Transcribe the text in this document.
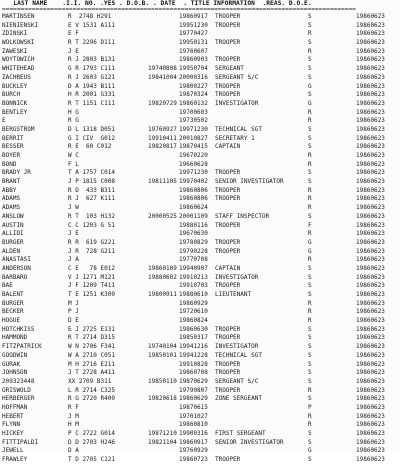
LAST NAME    .I.I. NO. .YES . D.O.B. . DATE  . TITLE INFORMATION  .REAS. D.O.E.
===============================================================================================
MARTINSEN	R  2748 H291	19860917 TROOPER	S	19860623
NIENIENSKI	E V 1531 A111	19951230 TROOPER	S	19860623
ZDINSKI	E F	19770427	R	19860623
WOLKOWSKI	R T 2296 D111	19950131 TROOPER	S	19860623
ZAWESKI	J E	19760607	R	19860623
WOYTOWICH	R J 2803 B131	19860903 TROOPER	S	19860623
WHITEHEAD	G R 1793 C111	19740808 19950704 SERGEANT	S	19860623
ZACHREUS	R J 2603 G121	19841004 20000316 SERGEANT S/C	S	19860623
BUCKLEY	D A 1943 B111	19800227 TROOPER	G	19860623
BURCH	H R 2001 G331	19870324 TROOPER	S	19860623
BONNICK	R T 1151 C111	19820729 19860132 INVESTIGATOR	G	19860623
BENTLEY	H G	19700603	R	19860623
E	R G	19730502	R	19860623
BERGSTROM	D L 1318 D051	19760927 19971230 TECHNICAL SGT	S	19860623
BERRIT	G I CIV  G012	19910411 20010827 SECRETARY 1	S	19860623
BESSER	R E  60 C012	19820817 19870415 CAPTAIN	S	19860623
BOYER	W C	19670220	R	19860623
BOND	F L	19660628	R	19860623
BRADY JR	T A 1757 C014	19971230 TROOPER	S	19860623
BRANT	J P 1815 C008	19811105 19970402 SENIOR INVESTIGATOR	S	19860623
ABBY	R D  433 B311	19860806 TROOPER	R	19860623
ADAMS	R J  627 K111	19860806 TROOPER	R	19860623
ADAMS	J W	19860624	R	19860623
ANSLOW	R T  103 H132	20000525 20001109 STAFF INSPECTOR	S	19860623
AUSTIN	C C 1203 G 51	19880116 TROOPER	F	19860623
ALLIDI	J E	19670630	R	19860623
BURGER	R R  619 G221	19780829 TROOPER	G	19860623
ALDEN	J R  728 G211	19790228 TROOPER	G	19860623
ANASTASI	J A	19770708	R	19860623
ANDERSON	C E   78 E012	19860109 19940907 CAPTAIN	S	19860623
BARBARO	V J 1271 M121	19880602 19910213 INVESTIGATOR	S	19860623
BAE	J F 1209 T411	19910703 TROOPER	S	19860623
BALENT	T E 1251 K300	19800911 19880610 LIEUTENANT	S	19860623
BURGER	M J	19860929	R	19860623
BECKER	P J	19720610	R	19860623
HOGUE	D E	19860824	R	19860623
HOTCHKISS	E J 2725 E131	19860630 TROOPER	S	19860623
HAMMOND	R T 2714 D315	19850317 TROOPER	S	19860623
FITZPATRICK	W N 2706 F341	19740104 19941216 INVESTIGATOR	S	19860623
GOODWIN	W A 2710 C051	19850101 19941228 TECHNICAL SGT	S	19860623
GURAK	M H 2716 E211	19910828 TROOPER	S	19860623
JOHNSON	J T 2728 A411	19860708 TROOPER	S	19860623
209323448	XX 2709 B311	19850110 19870629 SERGEANT S/C	S	19860623
GRISWOLD	L R 2714 C325	19790807 TROOPER	R	19860623
HERBERGER	R G 2720 R400	19820618 19860629 ZONE SERGEANT	S	19860623
HOFFMAN	R F	19870615	P	19860623
HEBERT	J M	19701027	R	19860623
FLYNN	H M	19860810	R	19860623
HICKEY	P C 2722 G014	19871210 19900316 FIRST SERGEANT	S	19860623
FITTIPALDI	D D 2703 H246	19821104 19860917 SENIOR INVESTIGATOR	S	19860623
JEWELL	D A	19760929	G	19860623
FRAWLEY	T D 2705 C121	19860723 TROOPER	S	19860623
